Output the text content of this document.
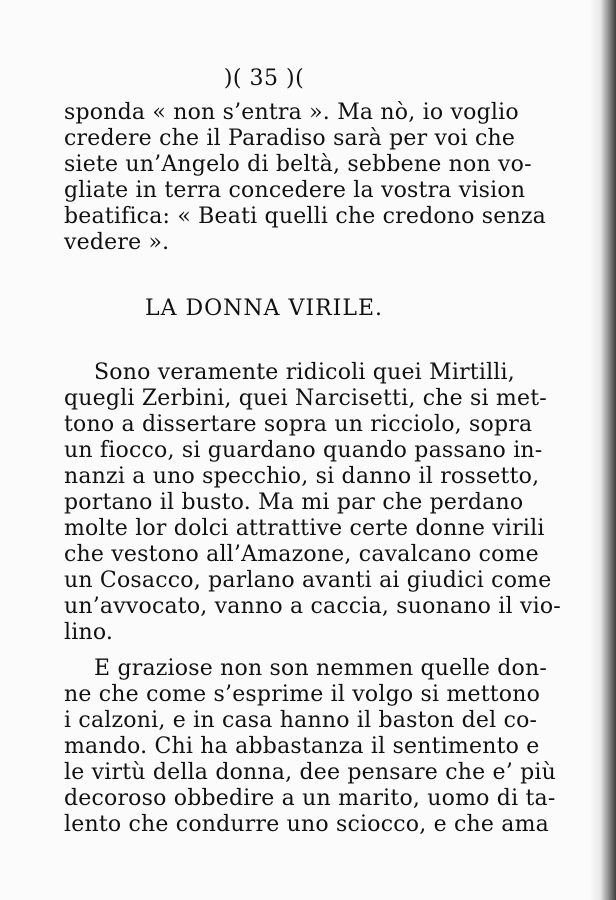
)( 35 )(

sponda « non s’entra ». Ma nò, io voglio

credere che il Paradiso sarà per voi che

siete un’Angelo di beltà, sebbene non vo-

gliate in terra concedere la vostra vision

beatifica: « Beati quelli che credono senza

vedere ».

LA DONNA VIRILE.

Sono veramente ridicoli quei Mirtilli,

quegli Zerbini, quei Narcisetti, che si met-

tono a dissertare sopra un ricciolo, sopra

un fiocco, si guardano quando passano in-

nanzi a uno specchio, si danno il rossetto,

portano il busto. Ma mi par che perdano

molte lor dolci attrattive certe donne virili

che vestono all’Amazone, cavalcano come

un Cosacco, parlano avanti ai giudici come

un’avvocato, vanno a caccia, suonano il vio-

lino.

E graziose non son nemmen quelle don-

ne che come s’esprime il volgo si mettono

i calzoni, e in casa hanno il baston del co-

mando. Chi ha abbastanza il sentimento e

le virtù della donna, dee pensare che e’ più

decoroso obbedire a un marito, uomo di ta-

lento che condurre uno sciocco, e che ama
